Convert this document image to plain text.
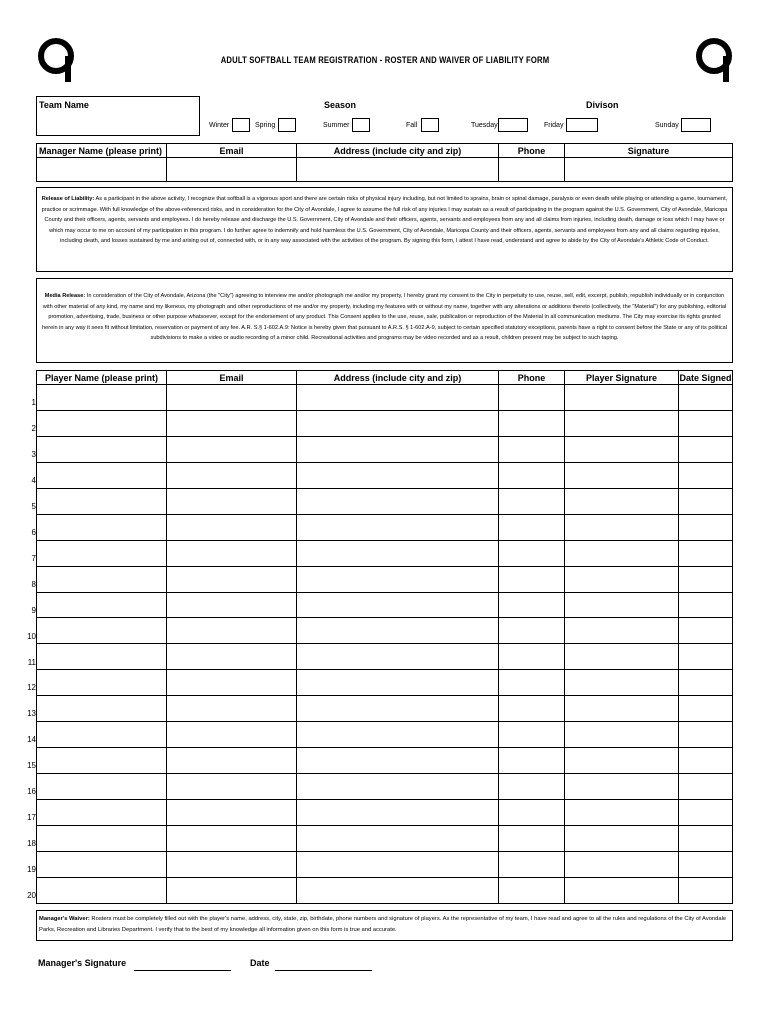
ADULT SOFTBALL TEAM REGISTRATION - ROSTER AND WAIVER OF LIABILITY FORM
Team Name	Season	Divison
Winter	Spring	Summer	Fall	Tuesday	Friday	Sunday
Manager Name (please print)	Email	Address (include city and zip)	Phone	Signature

Release of Liability: As a participant in the above activity, I recognize that softball is a vigorous sport and there are certain risks of physical injury including, but not limited to sprains, brain or spinal damage, paralysis or even death while playing or attending a game, tournament, practice or scrimmage. With full knowledge of the above-referenced risks, and in consideration for the City of Avondale, I agree to assume the full risk of any injuries I may sustain as a result of participating in the program against the U.S. Government, City of Avondale, Maricopa County and their officers, agents, servants and employees. I do hereby release and discharge the U.S. Government, City of Avondale and their officers, agents, servants and employees from any and all claims from injuries, including death, damage or loss which I may have or which may occur to me on account of my participation in this program. I do further agree to indemnify and hold harmless the U.S. Government, City of Avondale, Maricopa County and their officers, agents, servants and employees from any and all claims regarding injuries, including death, and losses sustained by me and arising out of, connected with, or in any way associated with the activities of the program. By signing this form, I attest I have read, understand and agree to abide by the City of Avondale's Athletic Code of Conduct.
Media Release: In consideration of the City of Avondale, Arizona (the "City") agreeing to interview me and/or photograph me and/or my property, I hereby grant my consent to the City in perpetuity to use, reuse, sell, edit, excerpt, publish, republish individually or in conjunction with other material of any kind, my name and my likeness, my photograph and other reproductions of me and/or my property, including my features with or without my name, together with any alterations or additions thereto (collectively, the "Material") for any publishing, editorial promotion, advertising, trade, business or other purpose whatsoever, except for the endorsement of any product. This Consent applies to the use, reuse, sale, publication or reproduction of the Material in all communication mediums. The City may exercise its rights granted herein in any way it sees fit without limitation, reservation or payment of any fee. A.R. S.§ 1-602.A.9: Notice is hereby given that pursuant to A.R.S. § 1-602.A-9, subject to certain specified statutory exceptions, parents have a right to consent before the State or any of its political subdivisions to make a video or audio recording of a minor child. Recreational activities and programs may be video recorded and as a result, children present may be subject to such taping.
Player Name (please print)	Email	Address (include city and zip)	Phone	Player Signature	Date Signed

1
2
3
4
5
6
7
8
9
10
11
12
13
14
15
16
17
18
19
20
Manager's Waiver: Rosters must be completely filled out with the player's name, address, city, state, zip, birthdate, phone numbers and signature of players. As the representative of my team, I have read and agree to all the rules and regulations of the City of Avondale Parks, Recreation and Libraries Department. I verify that to the best of my knowledge all information given on this form is true and accurate.
Manager's Signature	Date
